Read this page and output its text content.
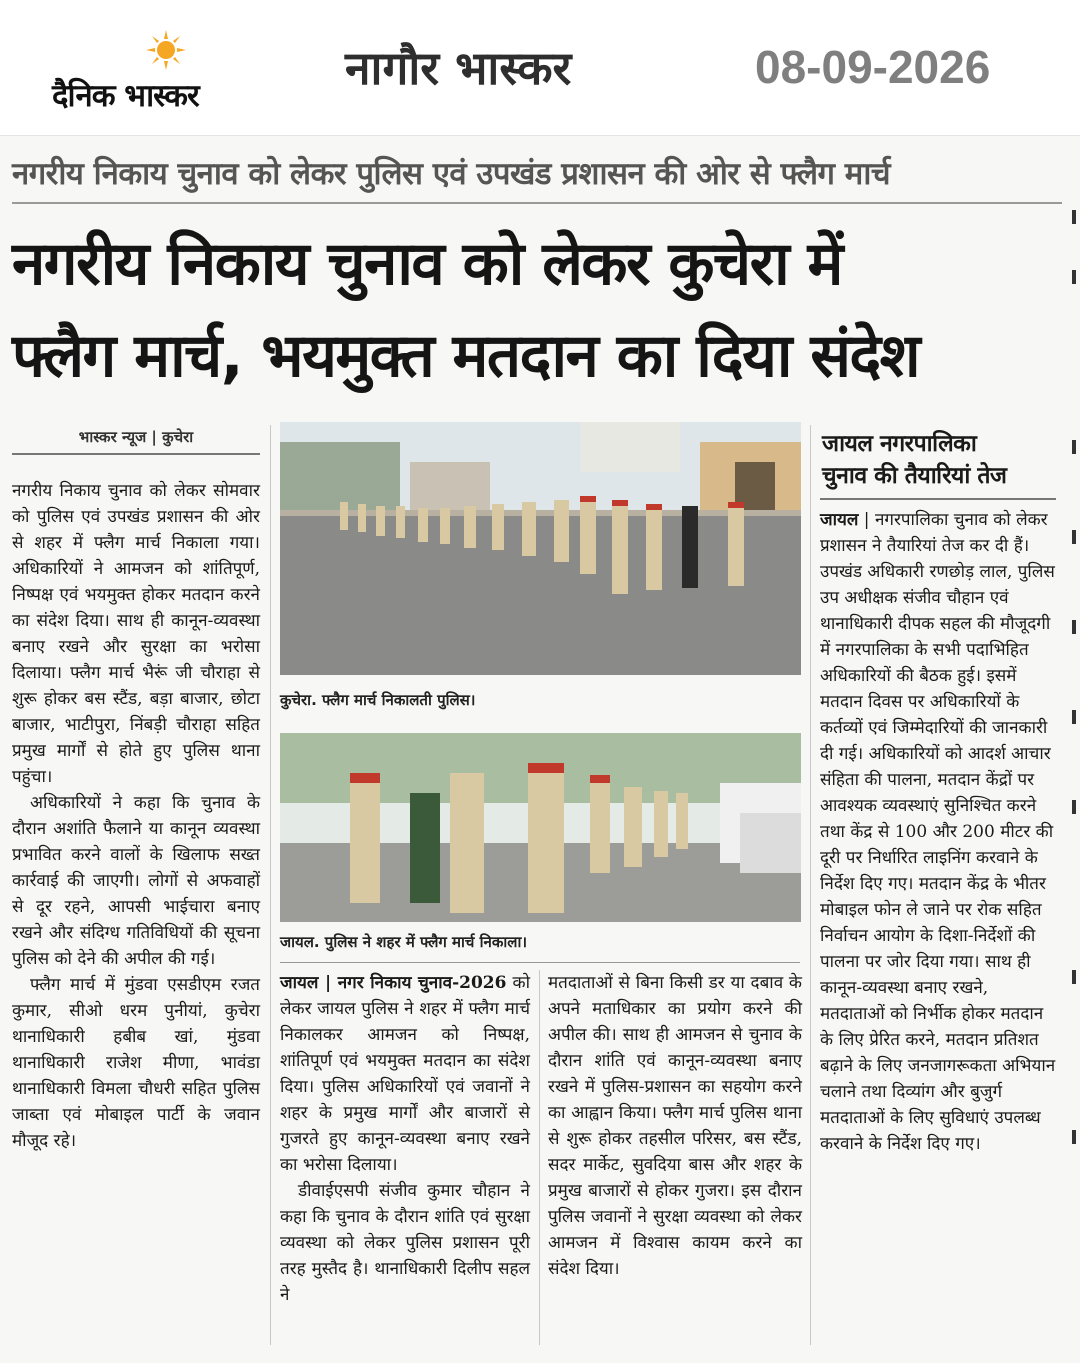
दैनिक भास्कर
नागौर भास्कर	08-09-2026
नगरीय निकाय चुनाव को लेकर पुलिस एवं उपखंड प्रशासन की ओर से फ्लैग मार्च
नगरीय निकाय चुनाव को लेकर कुचेरा में
फ्लैग मार्च, भयमुक्त मतदान का दिया संदेश
भास्कर न्यूज | कुचेरा
नगरीय निकाय चुनाव को लेकर सोमवार को पुलिस एवं उपखंड प्रशासन की ओर से शहर में फ्लैग मार्च निकाला गया। अधिकारियों ने आमजन को शांतिपूर्ण, निष्पक्ष एवं भयमुक्त होकर मतदान करने का संदेश दिया। साथ ही कानून-व्यवस्था बनाए रखने और सुरक्षा का भरोसा दिलाया। फ्लैग मार्च भैरूं जी चौराहा से शुरू होकर बस स्टैंड, बड़ा बाजार, छोटा बाजार, भाटीपुरा, निंबड़ी चौराहा सहित प्रमुख मार्गों से होते हुए पुलिस थाना पहुंचा।
अधिकारियों ने कहा कि चुनाव के दौरान अशांति फैलाने या कानून व्यवस्था प्रभावित करने वालों के खिलाफ सख्त कार्रवाई की जाएगी। लोगों से अफवाहों से दूर रहने, आपसी भाईचारा बनाए रखने और संदिग्ध गतिविधियों की सूचना पुलिस को देने की अपील की गई।
फ्लैग मार्च में मुंडवा एसडीएम रजत कुमार, सीओ धरम पुनीयां, कुचेरा थानाधिकारी हबीब खां, मुंडवा थानाधिकारी राजेश मीणा, भावंडा थानाधिकारी विमला चौधरी सहित पुलिस जाब्ता एवं मोबाइल पार्टी के जवान मौजूद रहे।
कुचेरा. फ्लैग मार्च निकालती पुलिस।
जायल. पुलिस ने शहर में फ्लैग मार्च निकाला।
जायल | नगर निकाय चुनाव-2026 को लेकर जायल पुलिस ने शहर में फ्लैग मार्च निकालकर आमजन को निष्पक्ष, शांतिपूर्ण एवं भयमुक्त मतदान का संदेश दिया। पुलिस अधिकारियों एवं जवानों ने शहर के प्रमुख मार्गों और बाजारों से गुजरते हुए कानून-व्यवस्था बनाए रखने का भरोसा दिलाया।
डीवाईएसपी संजीव कुमार चौहान ने कहा कि चुनाव के दौरान शांति एवं सुरक्षा व्यवस्था को लेकर पुलिस प्रशासन पूरी तरह मुस्तैद है। थानाधिकारी दिलीप सहल ने
मतदाताओं से बिना किसी डर या दबाव के अपने मताधिकार का प्रयोग करने की अपील की। साथ ही आमजन से चुनाव के दौरान शांति एवं कानून-व्यवस्था बनाए रखने में पुलिस-प्रशासन का सहयोग करने का आह्वान किया। फ्लैग मार्च पुलिस थाना से शुरू होकर तहसील परिसर, बस स्टैंड, सदर मार्केट, सुवदिया बास और शहर के प्रमुख बाजारों से होकर गुजरा। इस दौरान पुलिस जवानों ने सुरक्षा व्यवस्था को लेकर आमजन में विश्वास कायम करने का संदेश दिया।
जायल नगरपालिका
चुनाव की तैयारियां तेज
जायल | नगरपालिका चुनाव को लेकर प्रशासन ने तैयारियां तेज कर दी हैं। उपखंड अधिकारी रणछोड़ लाल, पुलिस उप अधीक्षक संजीव चौहान एवं थानाधिकारी दीपक सहल की मौजूदगी में नगरपालिका के सभी पदाभिहित अधिकारियों की बैठक हुई। इसमें मतदान दिवस पर अधिकारियों के कर्तव्यों एवं जिम्मेदारियों की जानकारी दी गई। अधिकारियों को आदर्श आचार संहिता की पालना, मतदान केंद्रों पर आवश्यक व्यवस्थाएं सुनिश्चित करने तथा केंद्र से 100 और 200 मीटर की दूरी पर निर्धारित लाइनिंग करवाने के निर्देश दिए गए। मतदान केंद्र के भीतर मोबाइल फोन ले जाने पर रोक सहित निर्वाचन आयोग के दिशा-निर्देशों की पालना पर जोर दिया गया। साथ ही कानून-व्यवस्था बनाए रखने, मतदाताओं को निर्भीक होकर मतदान के लिए प्रेरित करने, मतदान प्रतिशत बढ़ाने के लिए जनजागरूकता अभियान चलाने तथा दिव्यांग और बुजुर्ग मतदाताओं के लिए सुविधाएं उपलब्ध करवाने के निर्देश दिए गए।
